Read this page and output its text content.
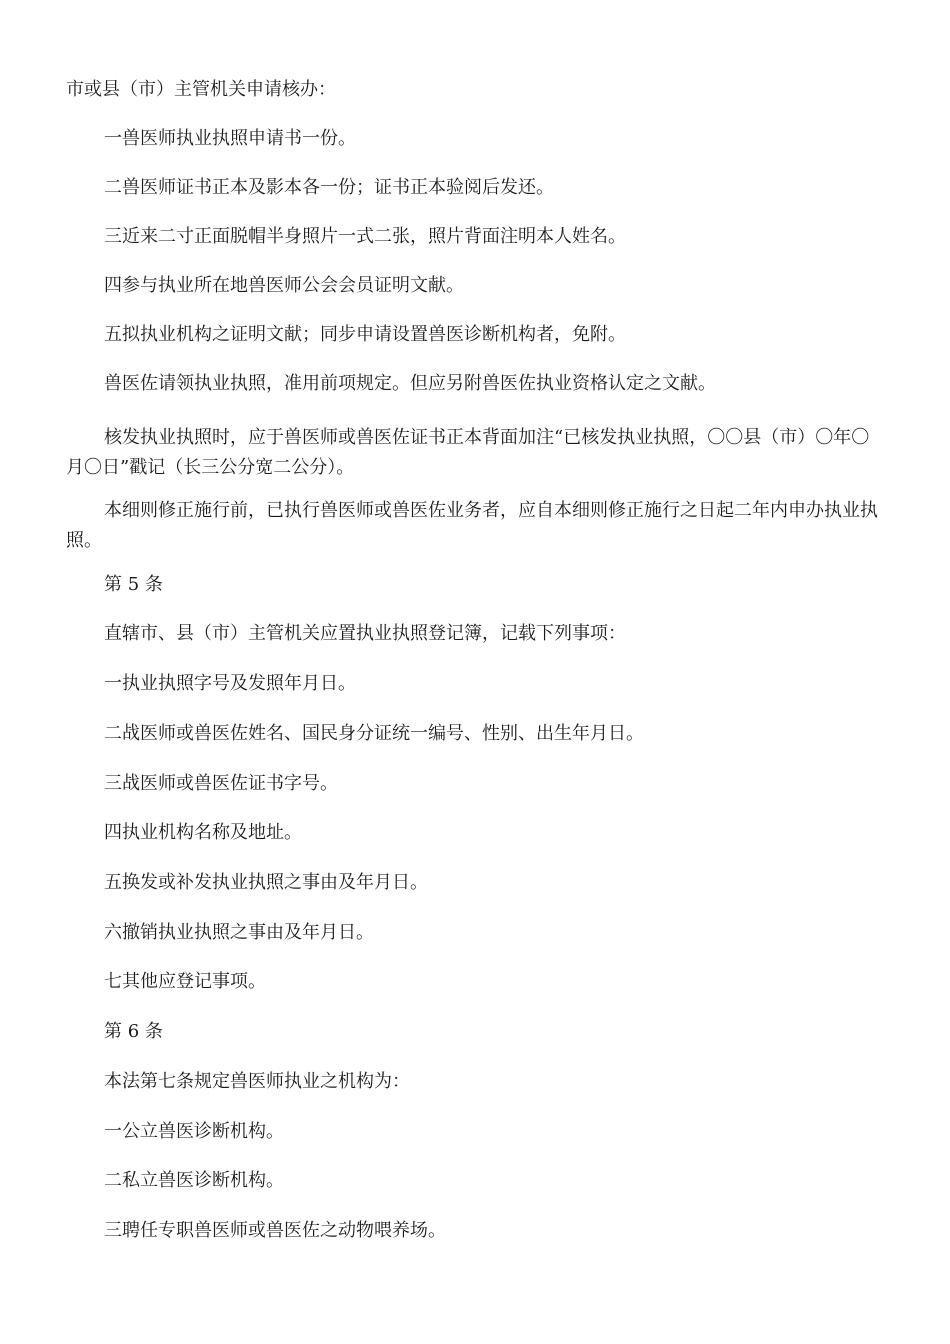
市或县（市）主管机关申请核办：

一兽医师执业执照申请书一份。

二兽医师证书正本及影本各一份；证书正本验阅后发还。

三近来二寸正面脱帽半身照片一式二张，照片背面注明本人姓名。

四参与执业所在地兽医师公会会员证明文献。

五拟执业机构之证明文献；同步申请设置兽医诊断机构者，免附。

兽医佐请领执业执照，准用前项规定。但应另附兽医佐执业资格认定之文献。

核发执业执照时，应于兽医师或兽医佐证书正本背面加注“已核发执业执照，〇〇县（市）〇年〇月〇日”戳记（长三公分宽二公分）。

本细则修正施行前，已执行兽医师或兽医佐业务者，应自本细则修正施行之日起二年内申办执业执照。

第 5 条

直辖市、县（市）主管机关应置执业执照登记簿，记载下列事项：

一执业执照字号及发照年月日。

二战医师或兽医佐姓名、国民身分证统一编号、性别、出生年月日。

三战医师或兽医佐证书字号。

四执业机构名称及地址。

五换发或补发执业执照之事由及年月日。

六撤销执业执照之事由及年月日。

七其他应登记事项。

第 6 条

本法第七条规定兽医师执业之机构为：

一公立兽医诊断机构。

二私立兽医诊断机构。

三聘任专职兽医师或兽医佐之动物喂养场。
